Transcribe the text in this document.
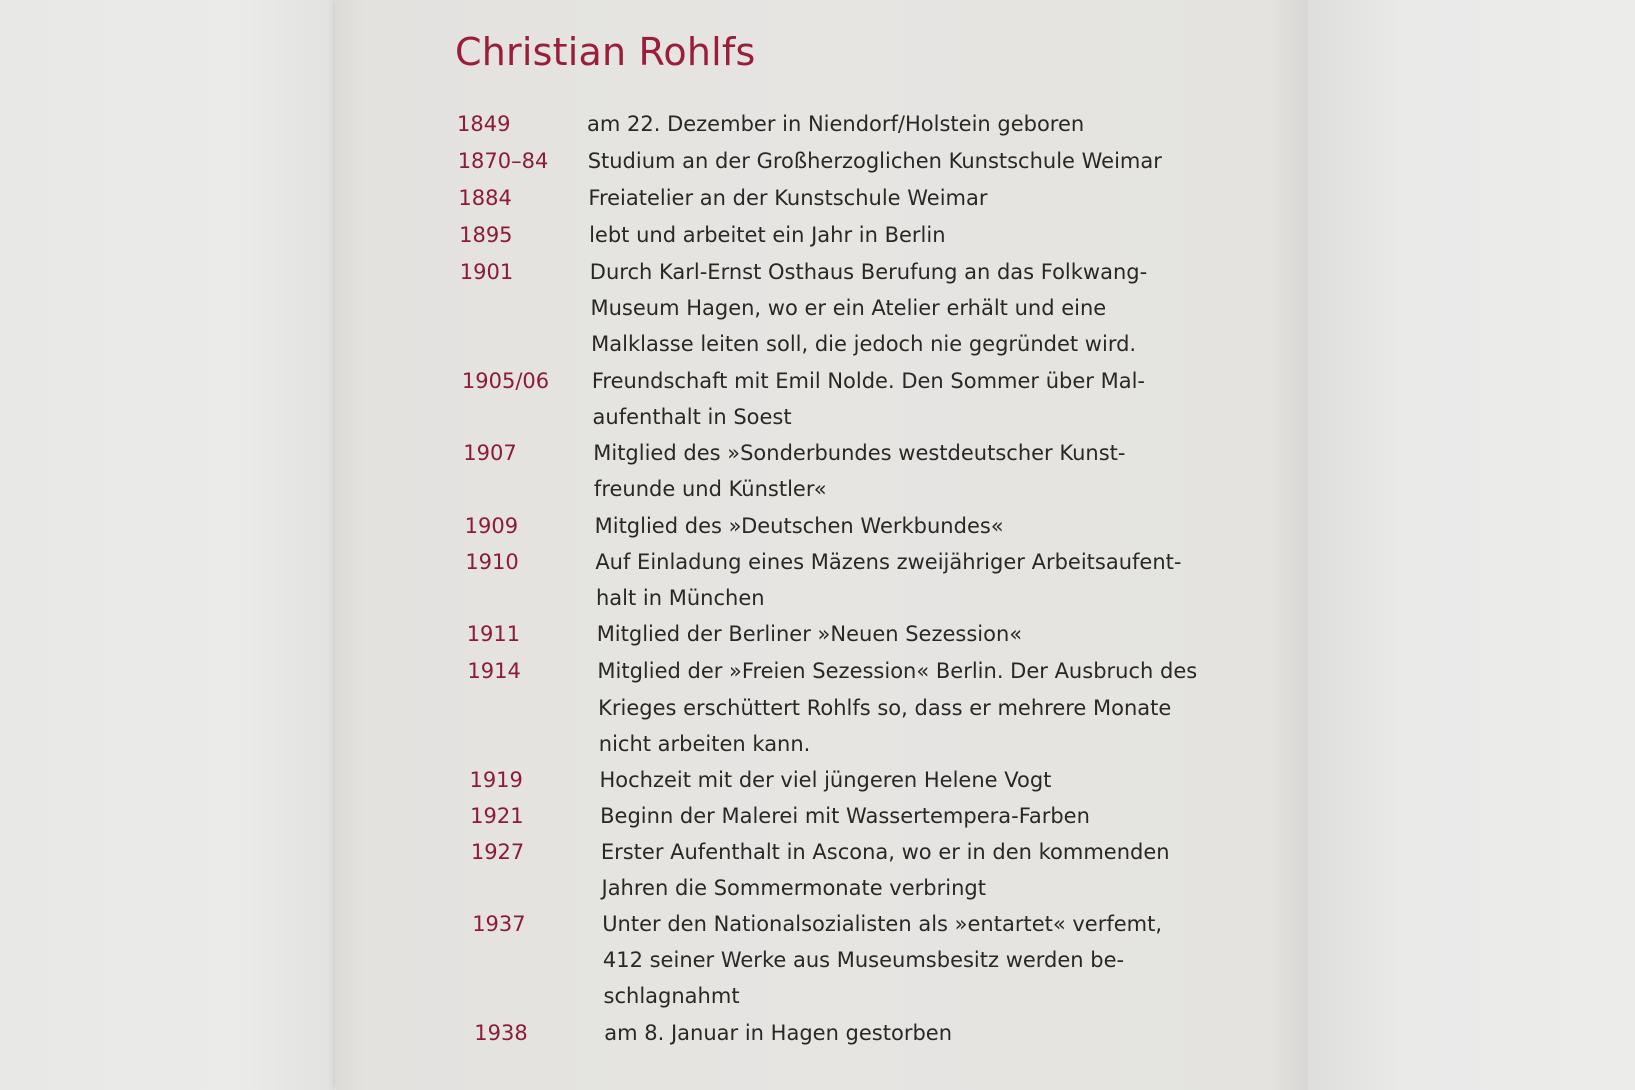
Christian Rohlfs
1849	am 22. Dezember in Niendorf/Holstein geboren
1870–84 Studium an der Großherzoglichen Kunstschule Weimar
1884	Freiatelier an der Kunstschule Weimar
1895	lebt und arbeitet ein Jahr in Berlin
1901	Durch Karl-Ernst Osthaus Berufung an das Folkwang-
Museum Hagen, wo er ein Atelier erhält und eine
Malklasse leiten soll, die jedoch nie gegründet wird.
1905/06 Freundschaft mit Emil Nolde. Den Sommer über Mal-
aufenthalt in Soest
1907	Mitglied des »Sonderbundes westdeutscher Kunst-
freunde und Künstler«
1909	Mitglied des »Deutschen Werkbundes«
1910	Auf Einladung eines Mäzens zweijähriger Arbeitsaufent-
halt in München
1911	Mitglied der Berliner »Neuen Sezession«
1914	Mitglied der »Freien Sezession« Berlin. Der Ausbruch des
Krieges erschüttert Rohlfs so, dass er mehrere Monate
nicht arbeiten kann.
1919	Hochzeit mit der viel jüngeren Helene Vogt
1921	Beginn der Malerei mit Wassertempera-Farben
1927	Erster Aufenthalt in Ascona, wo er in den kommenden
Jahren die Sommermonate verbringt
1937	Unter den Nationalsozialisten als »entartet« verfemt,
412 seiner Werke aus Museumsbesitz werden be-
schlagnahmt
1938	am 8. Januar in Hagen gestorben
